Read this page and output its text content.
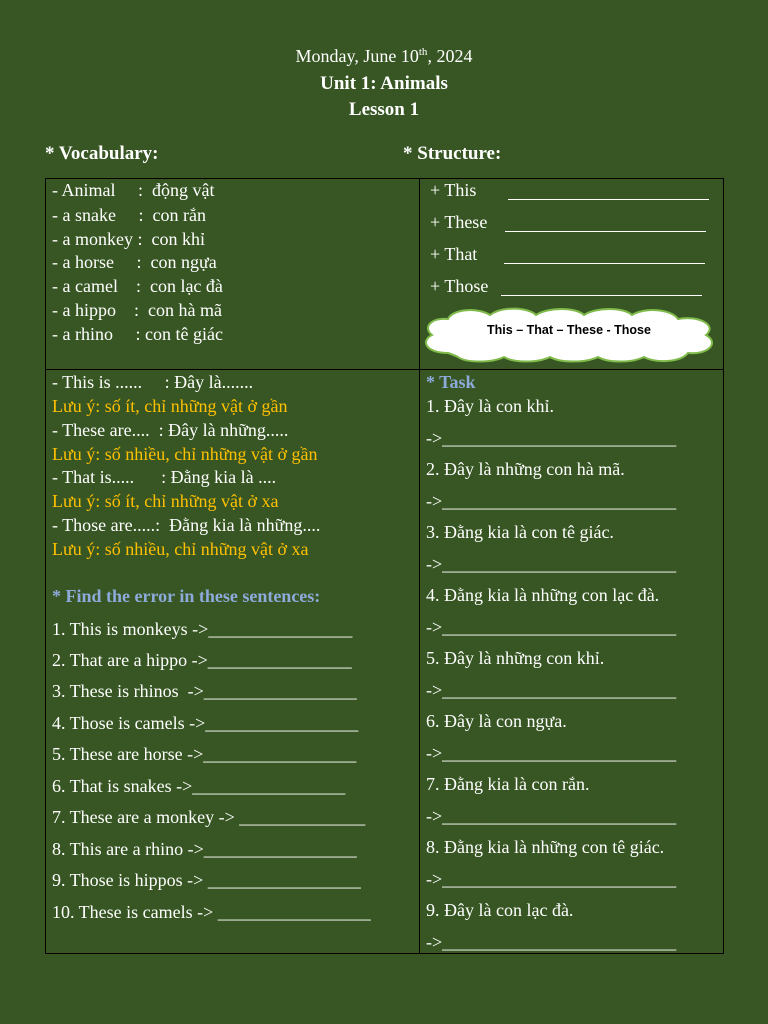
Monday, June 10th, 2024
Unit 1: Animals
Lesson 1
* Vocabulary:	* Structure:
- Animal     :  động vật
- a snake     :  con rắn
- a monkey :  con khỉ
- a horse     :  con ngựa
- a camel    :  con lạc đà
- a hippo    :  con hà mã
- a rhino     : con tê giác
+ This
+ These
+ That
+ Those
This – That – These - Those
- This is ......     : Đây là.......
Lưu ý: số ít, chỉ những vật ở gần
- These are....  : Đây là những.....
Lưu ý: số nhiều, chỉ những vật ở gần
- That is.....      : Đằng kia là ....
Lưu ý: số ít, chỉ những vật ở xa
- Those are.....:  Đằng kia là những....
Lưu ý: số nhiều, chỉ những vật ở xa
* Find the error in these sentences:
1. This is monkeys ->________________
2. That are a hippo ->________________
3. These is rhinos  ->_________________
4. Those is camels ->_________________
5. These are horse ->_________________
6. That is snakes ->_________________
7. These are a monkey -> ______________
8. This are a rhino ->_________________
9. Those is hippos -> _________________
10. These is camels -> _________________
* Task
1. Đây là con khỉ.
->__________________________
2. Đây là những con hà mã.
->__________________________
3. Đằng kia là con tê giác.
->__________________________
4. Đằng kia là những con lạc đà.
->__________________________
5. Đây là những con khỉ.
->__________________________
6. Đây là con ngựa.
->__________________________
7. Đằng kia là con rắn.
->__________________________
8. Đằng kia là những con tê giác.
->__________________________
9. Đây là con lạc đà.
->__________________________
